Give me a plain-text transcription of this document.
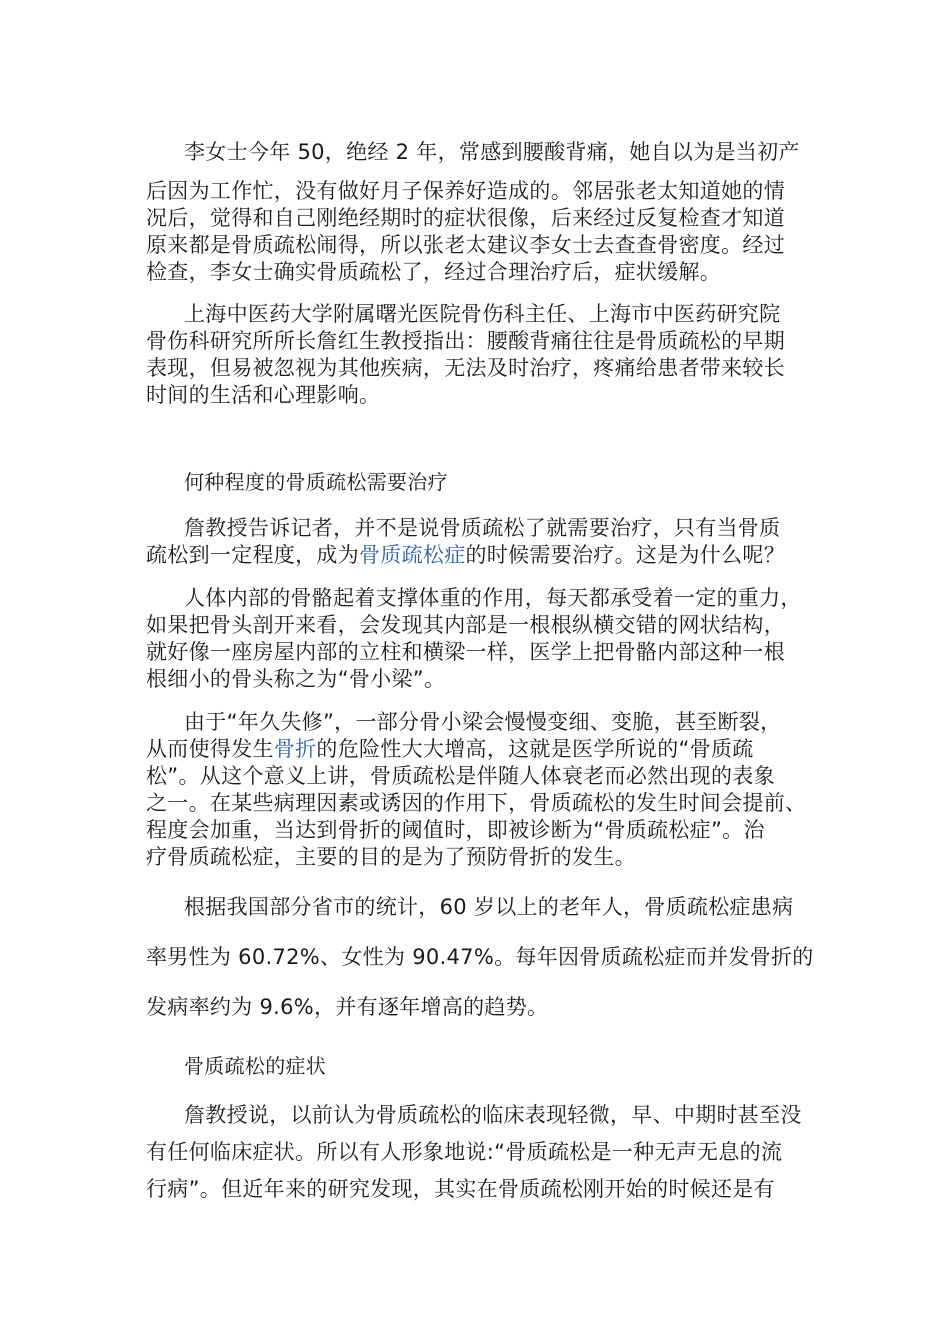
李女士今年 50，绝经 2 年，常感到腰酸背痛，她自以为是当初产
后因为工作忙，没有做好月子保养好造成的。邻居张老太知道她的情
况后，觉得和自己刚绝经期时的症状很像，后来经过反复检查才知道
原来都是骨质疏松闹得，所以张老太建议李女士去查查骨密度。经过
检查，李女士确实骨质疏松了，经过合理治疗后，症状缓解。
上海中医药大学附属曙光医院骨伤科主任、上海市中医药研究院
骨伤科研究所所长詹红生教授指出：腰酸背痛往往是骨质疏松的早期
表现，但易被忽视为其他疾病，无法及时治疗，疼痛给患者带来较长
时间的生活和心理影响。
何种程度的骨质疏松需要治疗
詹教授告诉记者，并不是说骨质疏松了就需要治疗，只有当骨质
疏松到一定程度，成为骨质疏松症的时候需要治疗。这是为什么呢？
人体内部的骨骼起着支撑体重的作用，每天都承受着一定的重力，
如果把骨头剖开来看，会发现其内部是一根根纵横交错的网状结构，
就好像一座房屋内部的立柱和横梁一样，医学上把骨骼内部这种一根
根细小的骨头称之为“骨小梁”。
由于“年久失修”，一部分骨小梁会慢慢变细、变脆，甚至断裂，
从而使得发生骨折的危险性大大增高，这就是医学所说的“骨质疏
松”。从这个意义上讲，骨质疏松是伴随人体衰老而必然出现的表象
之一。在某些病理因素或诱因的作用下，骨质疏松的发生时间会提前、
程度会加重，当达到骨折的阈值时，即被诊断为“骨质疏松症”。治
疗骨质疏松症，主要的目的是为了预防骨折的发生。
根据我国部分省市的统计，60 岁以上的老年人，骨质疏松症患病
率男性为 60.72%、女性为 90.47%。每年因骨质疏松症而并发骨折的
发病率约为 9.6%，并有逐年增高的趋势。
骨质疏松的症状
詹教授说，以前认为骨质疏松的临床表现轻微，早、中期时甚至没
有任何临床症状。所以有人形象地说:“骨质疏松是一种无声无息的流
行病”。但近年来的研究发现，其实在骨质疏松刚开始的时候还是有
